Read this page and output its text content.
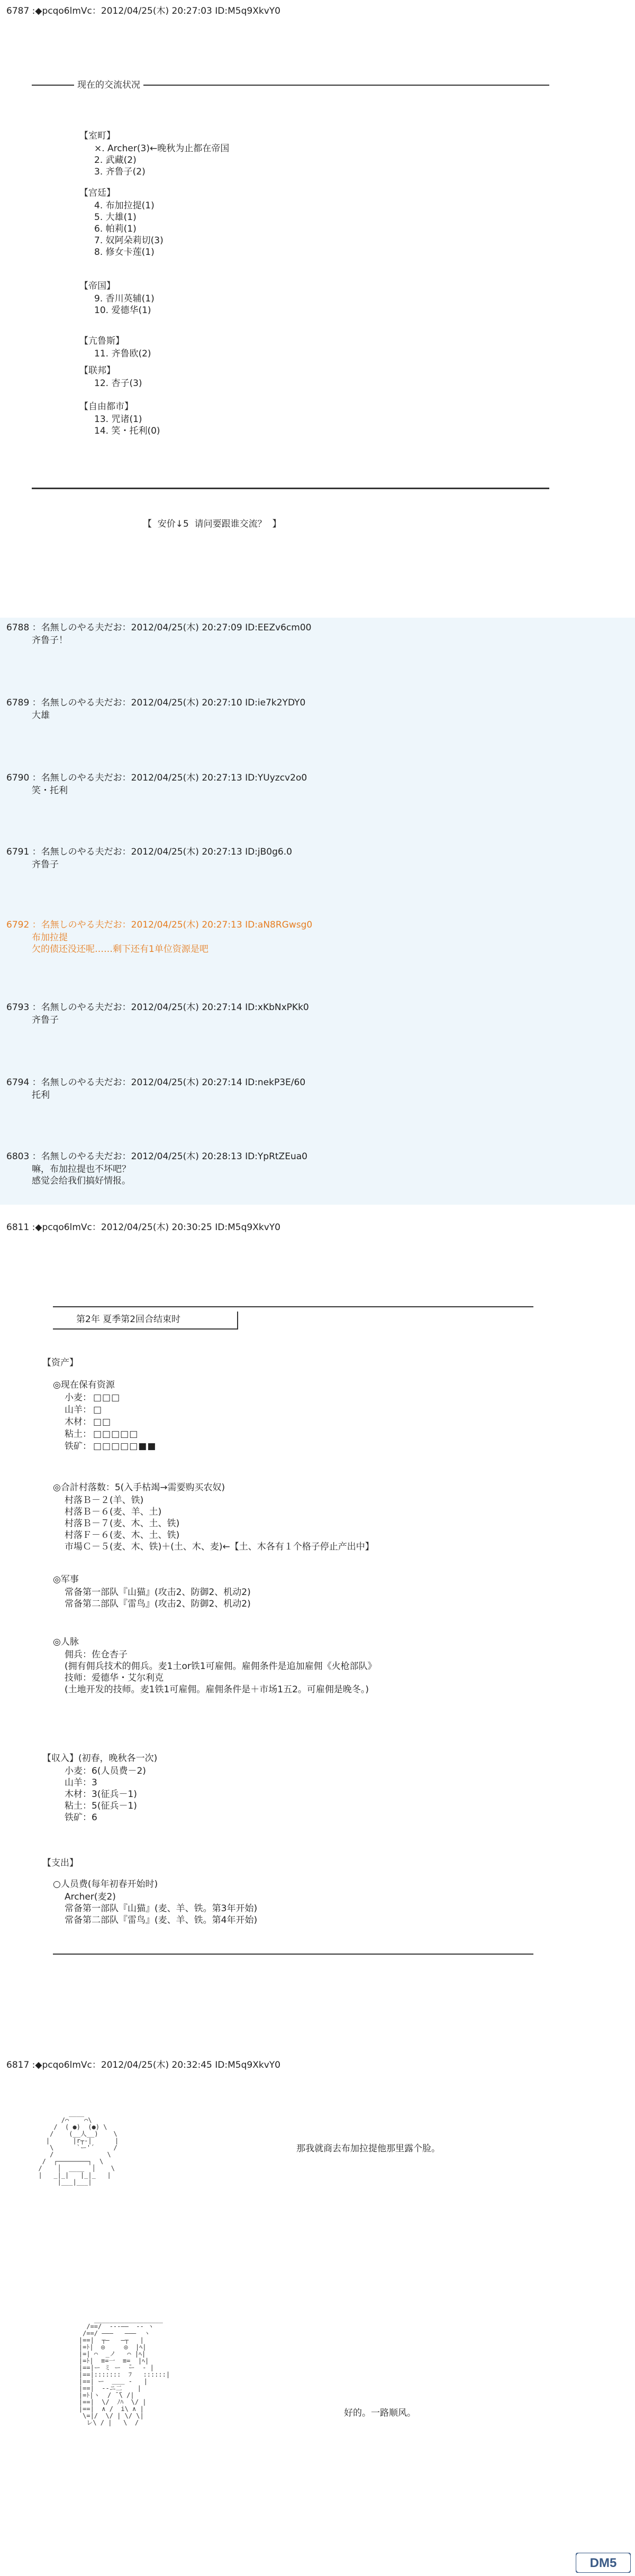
6787 :◆pcqo6lmVc：2012/04/25(木) 20:27:03 ID:M5q9XkvY0
现在的交流状况
【室町】
×. Archer(3)←晚秋为止都在帝国
2. 武藏(2)
3. 齐鲁子(2)
【宫廷】
4. 布加拉提(1)
5. 大雄(1)
6. 帕莉(1)
7. 奴阿朵莉切(3)
8. 修女卡莲(1)
【帝国】
9. 香川英辅(1)
10. 爱德华(1)
【亢鲁斯】
11. 齐鲁欧(2)
【联邦】
12. 杏子(3)
【自由都市】
13. 咒诸(1)
14. 笑・托利(0)
【  安价↓5  请问要跟谁交流？  】
6788 ：名無しのやる夫だお：2012/04/25(木) 20:27:09 ID:EEZv6cm00
齐鲁子！
6789 ：名無しのやる夫だお：2012/04/25(木) 20:27:10 ID:ie7k2YDY0
大雄
6790 ：名無しのやる夫だお：2012/04/25(木) 20:27:13 ID:YUyzcv2o0
笑・托利
6791 ：名無しのやる夫だお：2012/04/25(木) 20:27:13 ID:jB0g6.0
齐鲁子
6792 ：名無しのやる夫だお：2012/04/25(木) 20:27:13 ID:aN8RGwsg0
布加拉提
欠的债还没还呢……剩下还有1单位资源是吧
6793 ：名無しのやる夫だお：2012/04/25(木) 20:27:14 ID:xKbNxPKk0
齐鲁子
6794 ：名無しのやる夫だお：2012/04/25(木) 20:27:14 ID:nekP3E/60
托利
6803 ：名無しのやる夫だお：2012/04/25(木) 20:28:13 ID:YpRtZEua0
嘛，布加拉提也不坏吧？
感觉会给我们搞好情报。
6811 :◆pcqo6lmVc：2012/04/25(木) 20:30:25 ID:M5q9XkvY0
第2年 夏季第2回合结束时
【资产】
◎现在保有资源
小麦： □□□
山羊： □
木材： □□
粘土： □□□□□
铁矿： □□□□□■■
◎合計村落数：5(入手枯竭→需要购买农奴)
村落Ｂ－２(羊、铁)
村落Ｂ－６(麦、羊、土)
村落Ｂ－７(麦、木、土、铁)
村落Ｆ－６(麦、木、土、铁)
市場Ｃ－５(麦、木、铁)＋(土、木、麦)←【土、木各有１个格子停止产出中】
◎军事
常备第一部队『山猫』(攻击2、防御2、机动2)
常备第二部队『雷鸟』(攻击2、防御2、机动2)
◎人脉
佣兵：佐仓杏子
(拥有佣兵技术的佣兵。麦1土or铁1可雇佣。雇佣条件是追加雇佣《火枪部队》
技师：爱德华・艾尔利克
(土地开发的技师。麦1铁1可雇佣。雇佣条件是＋市场1五2。可雇佣是晚冬。)
【収入】(初春，晚秋各一次)
小麦：6(人员费－2)
山羊：3
木材：3(征兵－1)
粘土：5(征兵－1)
铁矿：6
【支出】
○人员费(每年初春开始时)
Archer(麦2)
常备第一部队『山猫』(麦、羊、铁。第3年开始)
常备第二部队『雷鸟』(麦、羊、铁。第4年开始)
6817 :◆pcqo6lmVc：2012/04/25(木) 20:32:45 ID:M5q9XkvY0
____
/⌒    ⌒\
/  ( ●)  (●) \
/    (__人__)    \
|      |r┬-|      |
\      `ー'´     /
/              \
/  ┌────────┐  \
/    │  ____  │    \
|   _|_|   |_|_   |
|___|___|
那我就商去布加拉提他那里露个脸。
__________________
/==/  ‐‐‐――  ‐‐ ヽ
/==/ ―――   ―――  ヽ
|==|  ┬―   ―┬   |
|=ﾄ|  ◎     ◎  |ﾍ|
|=| ⌒  _ノ   ⌒ |ﾍ|
|=ﾄ|  ≡=一  ≡=  |ﾍ|
|==|ー ミ ー  ̄ー  ‐ |
|==|:::::::  ﾌ   ::::::|
|==| ー  ＿＿ ‐   |
|==|  --ニ二    |
|=ﾄ|ヽ  / ̄ ̄\ /|
|==|  \/  ﾉﾊ  \/ |
|==|  ∧ /  i\ ∧ |
\=|/  \/ | \/ \|
レ\ / |   \  /
好的。一路顺风。
DM5
